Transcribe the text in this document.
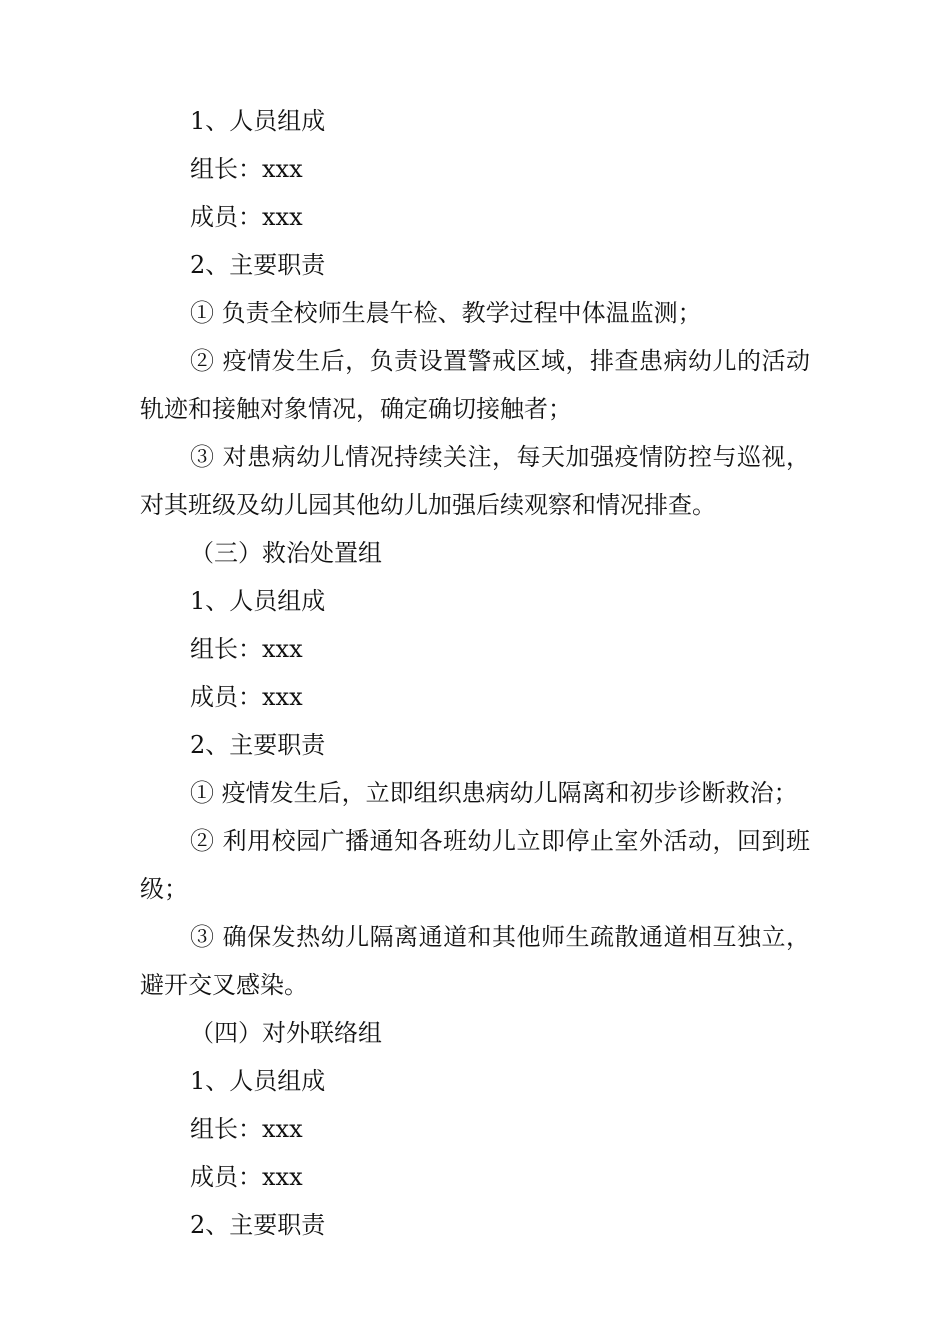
1、人员组成

组长：xxx

成员：xxx

2、主要职责

① 负责全校师生晨午检、教学过程中体温监测；

② 疫情发生后，负责设置警戒区域，排查患病幼儿的活动轨迹和接触对象情况，确定确切接触者；

③ 对患病幼儿情况持续关注，每天加强疫情防控与巡视，对其班级及幼儿园其他幼儿加强后续观察和情况排查。

（三）救治处置组

1、人员组成

组长：xxx

成员：xxx

2、主要职责

① 疫情发生后，立即组织患病幼儿隔离和初步诊断救治；

② 利用校园广播通知各班幼儿立即停止室外活动，回到班级；

③ 确保发热幼儿隔离通道和其他师生疏散通道相互独立，避开交叉感染。

（四）对外联络组

1、人员组成

组长：xxx

成员：xxx

2、主要职责
